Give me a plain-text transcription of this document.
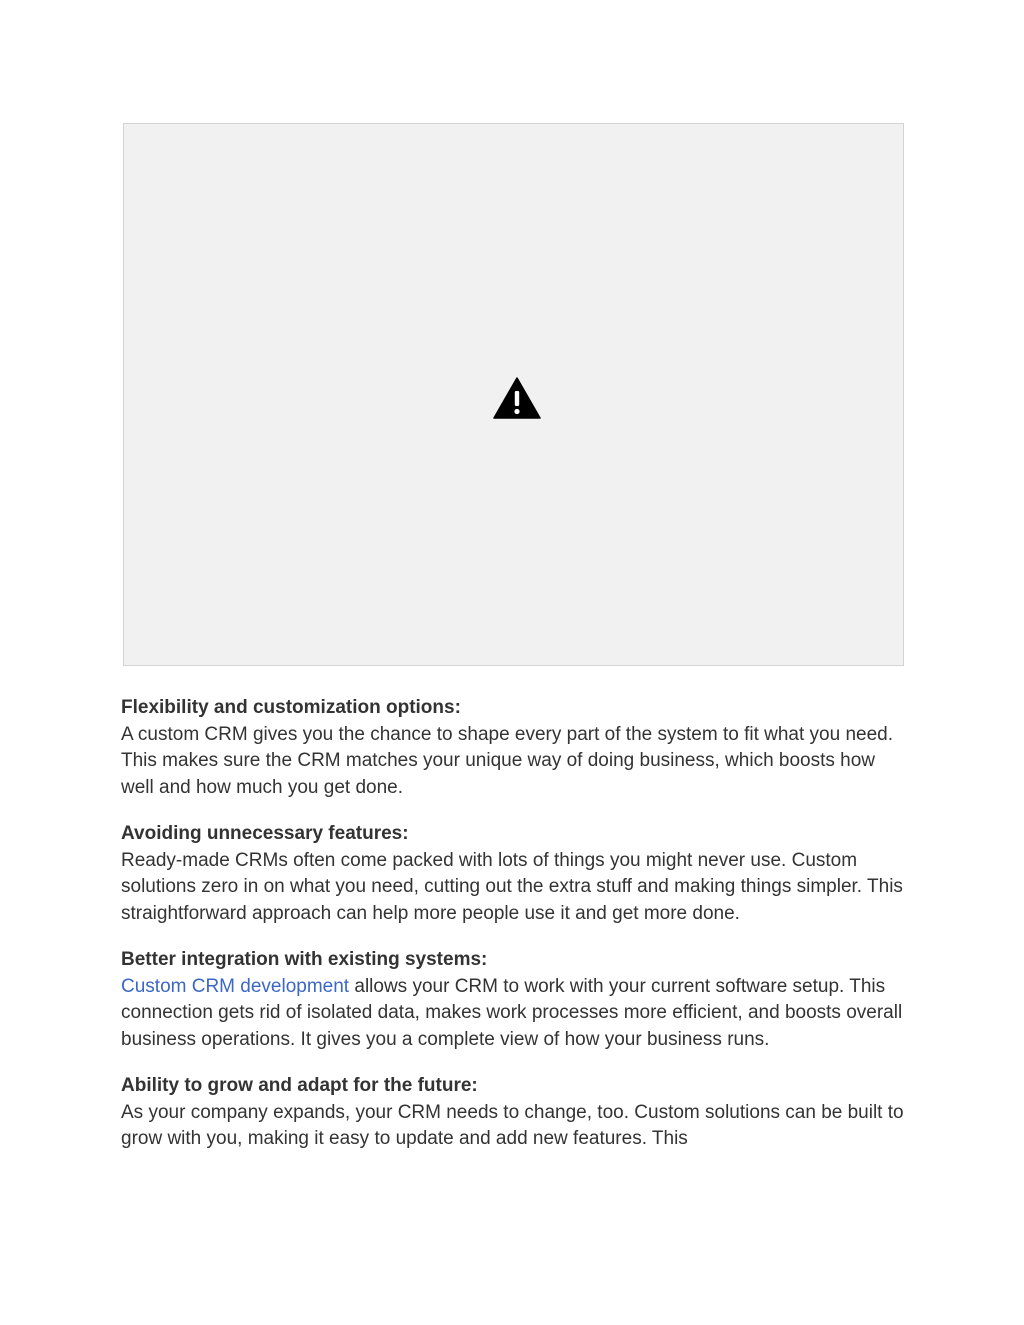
Flexibility and customization options:
A custom CRM gives you the chance to shape every part of the system to fit what you need. This makes sure the CRM matches your unique way of doing business, which boosts how well and how much you get done.
Avoiding unnecessary features:
Ready-made CRMs often come packed with lots of things you might never use. Custom solutions zero in on what you need, cutting out the extra stuff and making things simpler. This straightforward approach can help more people use it and get more done.
Better integration with existing systems:
Custom CRM development allows your CRM to work with your current software setup. This connection gets rid of isolated data, makes work processes more efficient, and boosts overall business operations. It gives you a complete view of how your business runs.
Ability to grow and adapt for the future:
As your company expands, your CRM needs to change, too. Custom solutions can be built to grow with you, making it easy to update and add new features. This
